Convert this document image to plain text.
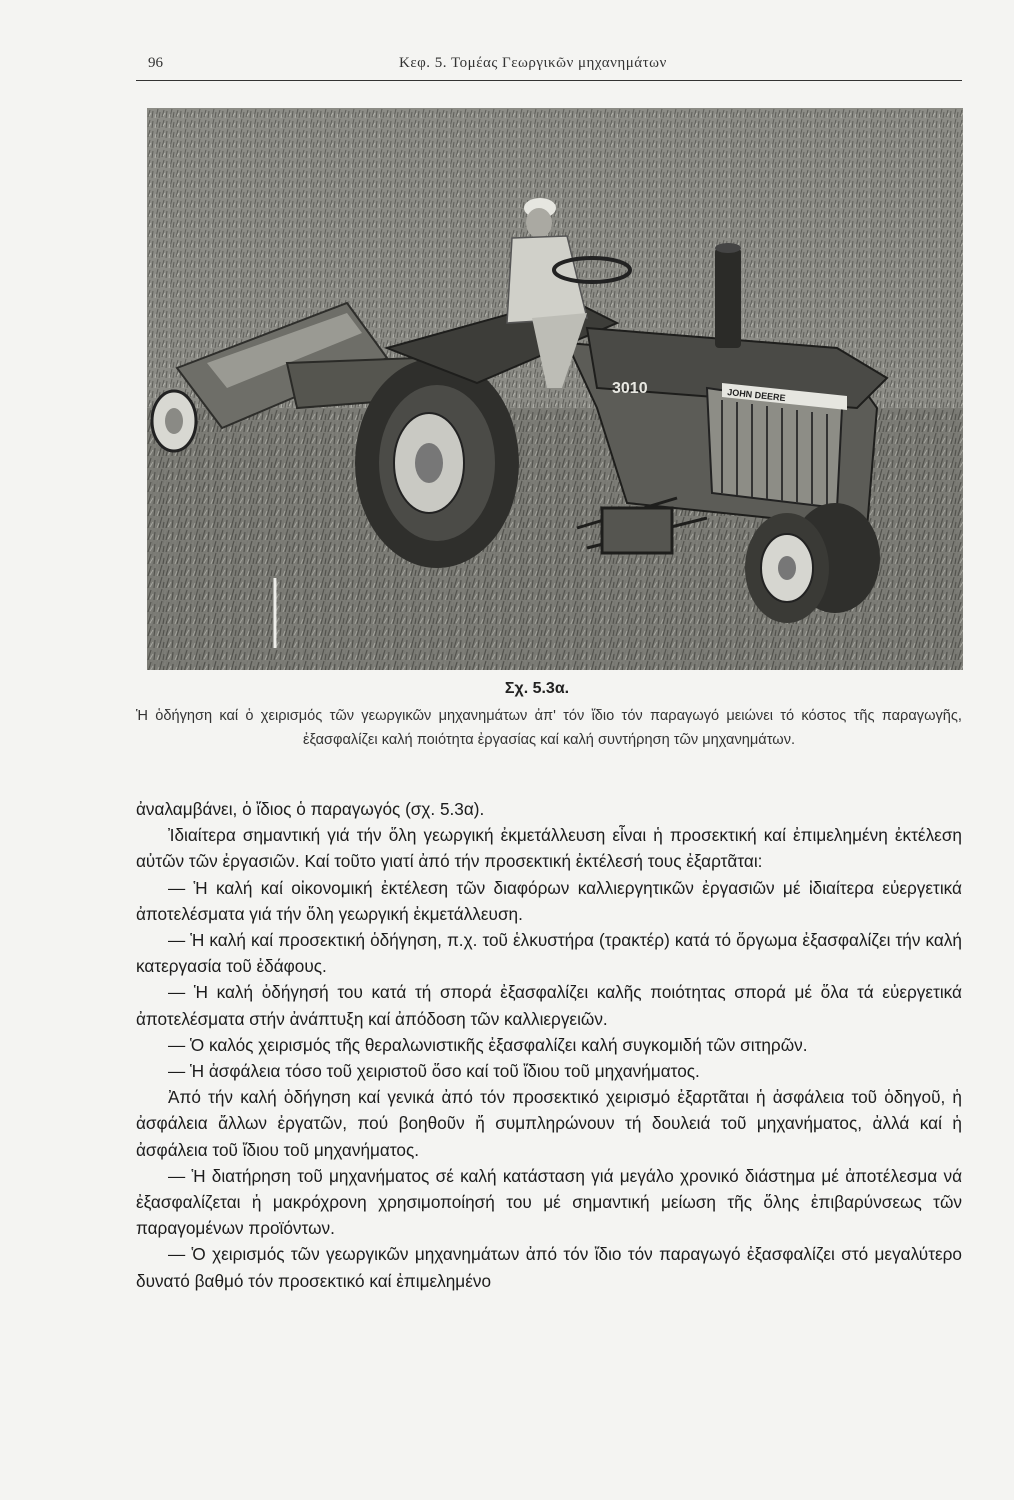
96	Κεφ. 5. Τομέας Γεωργικῶν μηχανημάτων
JOHN DEERE
3010
Σχ. 5.3α.
Ἡ ὁδήγηση καί ὁ χειρισμός τῶν γεωργικῶν μηχανημάτων ἀπ' τόν ἴδιο τόν παραγωγό μειώνει τό κόστος τῆς παραγωγῆς, ἐξασφαλίζει καλή ποιότητα ἐργασίας καί καλή συντήρηση τῶν μηχανημάτων.

ἀναλαμβάνει, ὁ ἴδιος ὁ παραγωγός (σχ. 5.3α).

Ἰδιαίτερα σημαντική γιά τήν ὅλη γεωργική ἐκμετάλλευση εἶναι ἡ προσεκτική καί ἐπιμελημένη ἐκτέλεση αὐτῶν τῶν ἐργασιῶν. Καί τοῦτο γιατί ἀπό τήν προσεκτική ἐκτέλεσή τους ἐξαρτᾶται:

— Ἡ καλή καί οἰκονομική ἐκτέλεση τῶν διαφόρων καλλιεργητικῶν ἐργασιῶν μέ ἰδιαίτερα εὐεργετικά ἀποτελέσματα γιά τήν ὅλη γεωργική ἐκμετάλλευση.

— Ἡ καλή καί προσεκτική ὁδήγηση, π.χ. τοῦ ἑλκυστήρα (τρακτέρ) κατά τό ὄργωμα ἐξασφαλίζει τήν καλή κατεργασία τοῦ ἐδάφους.

— Ἡ καλή ὁδήγησή του κατά τή σπορά ἐξασφαλίζει καλῆς ποιότητας σπορά μέ ὅλα τά εὐεργετικά ἀποτελέσματα στήν ἀνάπτυξη καί ἀπόδοση τῶν καλλιεργειῶν.

— Ὁ καλός χειρισμός τῆς θεραλωνιστικῆς ἐξασφαλίζει καλή συγκομιδή τῶν σιτηρῶν.

— Ἡ ἀσφάλεια τόσο τοῦ χειριστοῦ ὅσο καί τοῦ ἴδιου τοῦ μηχανήματος.

Ἀπό τήν καλή ὁδήγηση καί γενικά ἀπό τόν προσεκτικό χειρισμό ἐξαρτᾶται ἡ ἀσφάλεια τοῦ ὁδηγοῦ, ἡ ἀσφάλεια ἄλλων ἐργατῶν, πού βοηθοῦν ἤ συμπληρώνουν τή δουλειά τοῦ μηχανήματος, ἀλλά καί ἡ ἀσφάλεια τοῦ ἴδιου τοῦ μηχανήματος.

— Ἡ διατήρηση τοῦ μηχανήματος σέ καλή κατάσταση γιά μεγάλο χρονικό διάστημα μέ ἀποτέλεσμα νά ἐξασφαλίζεται ἡ μακρόχρονη χρησιμοποίησή του μέ σημαντική μείωση τῆς ὅλης ἐπιβαρύνσεως τῶν παραγομένων προϊόντων.

— Ὁ χειρισμός τῶν γεωργικῶν μηχανημάτων ἀπό τόν ἴδιο τόν παραγωγό ἐξασφαλίζει στό μεγαλύτερο δυνατό βαθμό τόν προσεκτικό καί ἐπιμελημένο
